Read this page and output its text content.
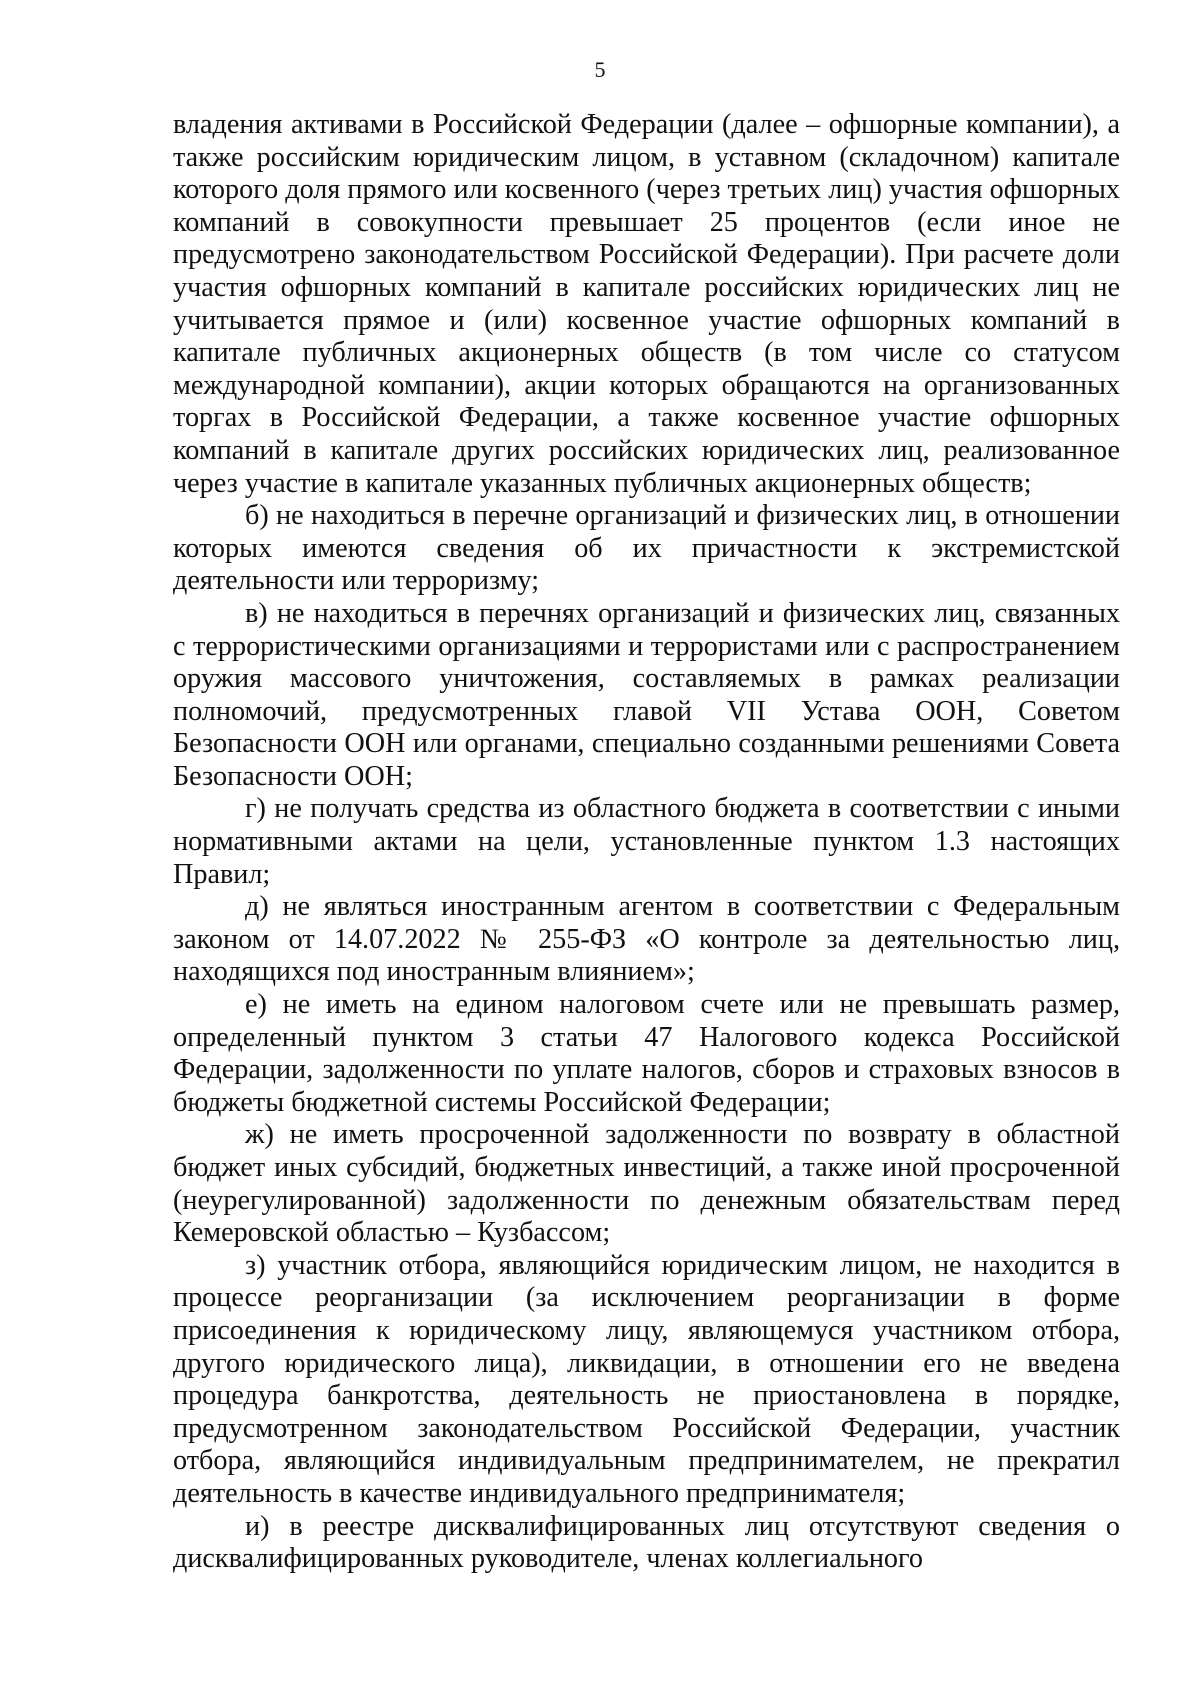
5

владения активами в Российской Федерации (далее – офшорные компании), а также российским юридическим лицом, в уставном (складочном) капитале которого доля прямого или косвенного (через третьих лиц) участия офшорных компаний в совокупности превышает 25 процентов (если иное не предусмотрено законодательством Российской Федерации). При расчете доли участия офшорных компаний в капитале российских юридических лиц не учитывается прямое и (или) косвенное участие офшорных компаний в капитале публичных акционерных обществ (в том числе со статусом международной компании), акции которых обращаются на организованных торгах в Российской Федерации, а также косвенное участие офшорных компаний в капитале других российских юридических лиц, реализованное через участие в капитале указанных публичных акционерных обществ;

б) не находиться в перечне организаций и физических лиц, в отношении которых имеются сведения об их причастности к экстремистской деятельности или терроризму;

в) не находиться в перечнях организаций и физических лиц, связанных с террористическими организациями и террористами или с распространением оружия массового уничтожения, составляемых в рамках реализации полномочий, предусмотренных главой VII Устава ООН, Советом Безопасности ООН или органами, специально созданными решениями Совета Безопасности ООН;

г) не получать средства из областного бюджета в соответствии с иными нормативными актами на цели, установленные пунктом 1.3 настоящих Правил;

д) не являться иностранным агентом в соответствии с Федеральным законом от 14.07.2022 № 255-ФЗ «О контроле за деятельностью лиц, находящихся под иностранным влиянием»;

е) не иметь на едином налоговом счете или не превышать размер, определенный пунктом 3 статьи 47 Налогового кодекса Российской Федерации, задолженности по уплате налогов, сборов и страховых взносов в бюджеты бюджетной системы Российской Федерации;

ж) не иметь просроченной задолженности по возврату в областной бюджет иных субсидий, бюджетных инвестиций, а также иной просроченной (неурегулированной) задолженности по денежным обязательствам перед Кемеровской областью – Кузбассом;

з) участник отбора, являющийся юридическим лицом, не находится в процессе реорганизации (за исключением реорганизации в форме присоединения к юридическому лицу, являющемуся участником отбора, другого юридического лица), ликвидации, в отношении его не введена процедура банкротства, деятельность не приостановлена в порядке, предусмотренном законодательством Российской Федерации, участник отбора, являющийся индивидуальным предпринимателем, не прекратил деятельность в качестве индивидуального предпринимателя;

и) в реестре дисквалифицированных лиц отсутствуют сведения о дисквалифицированных руководителе, членах коллегиального
